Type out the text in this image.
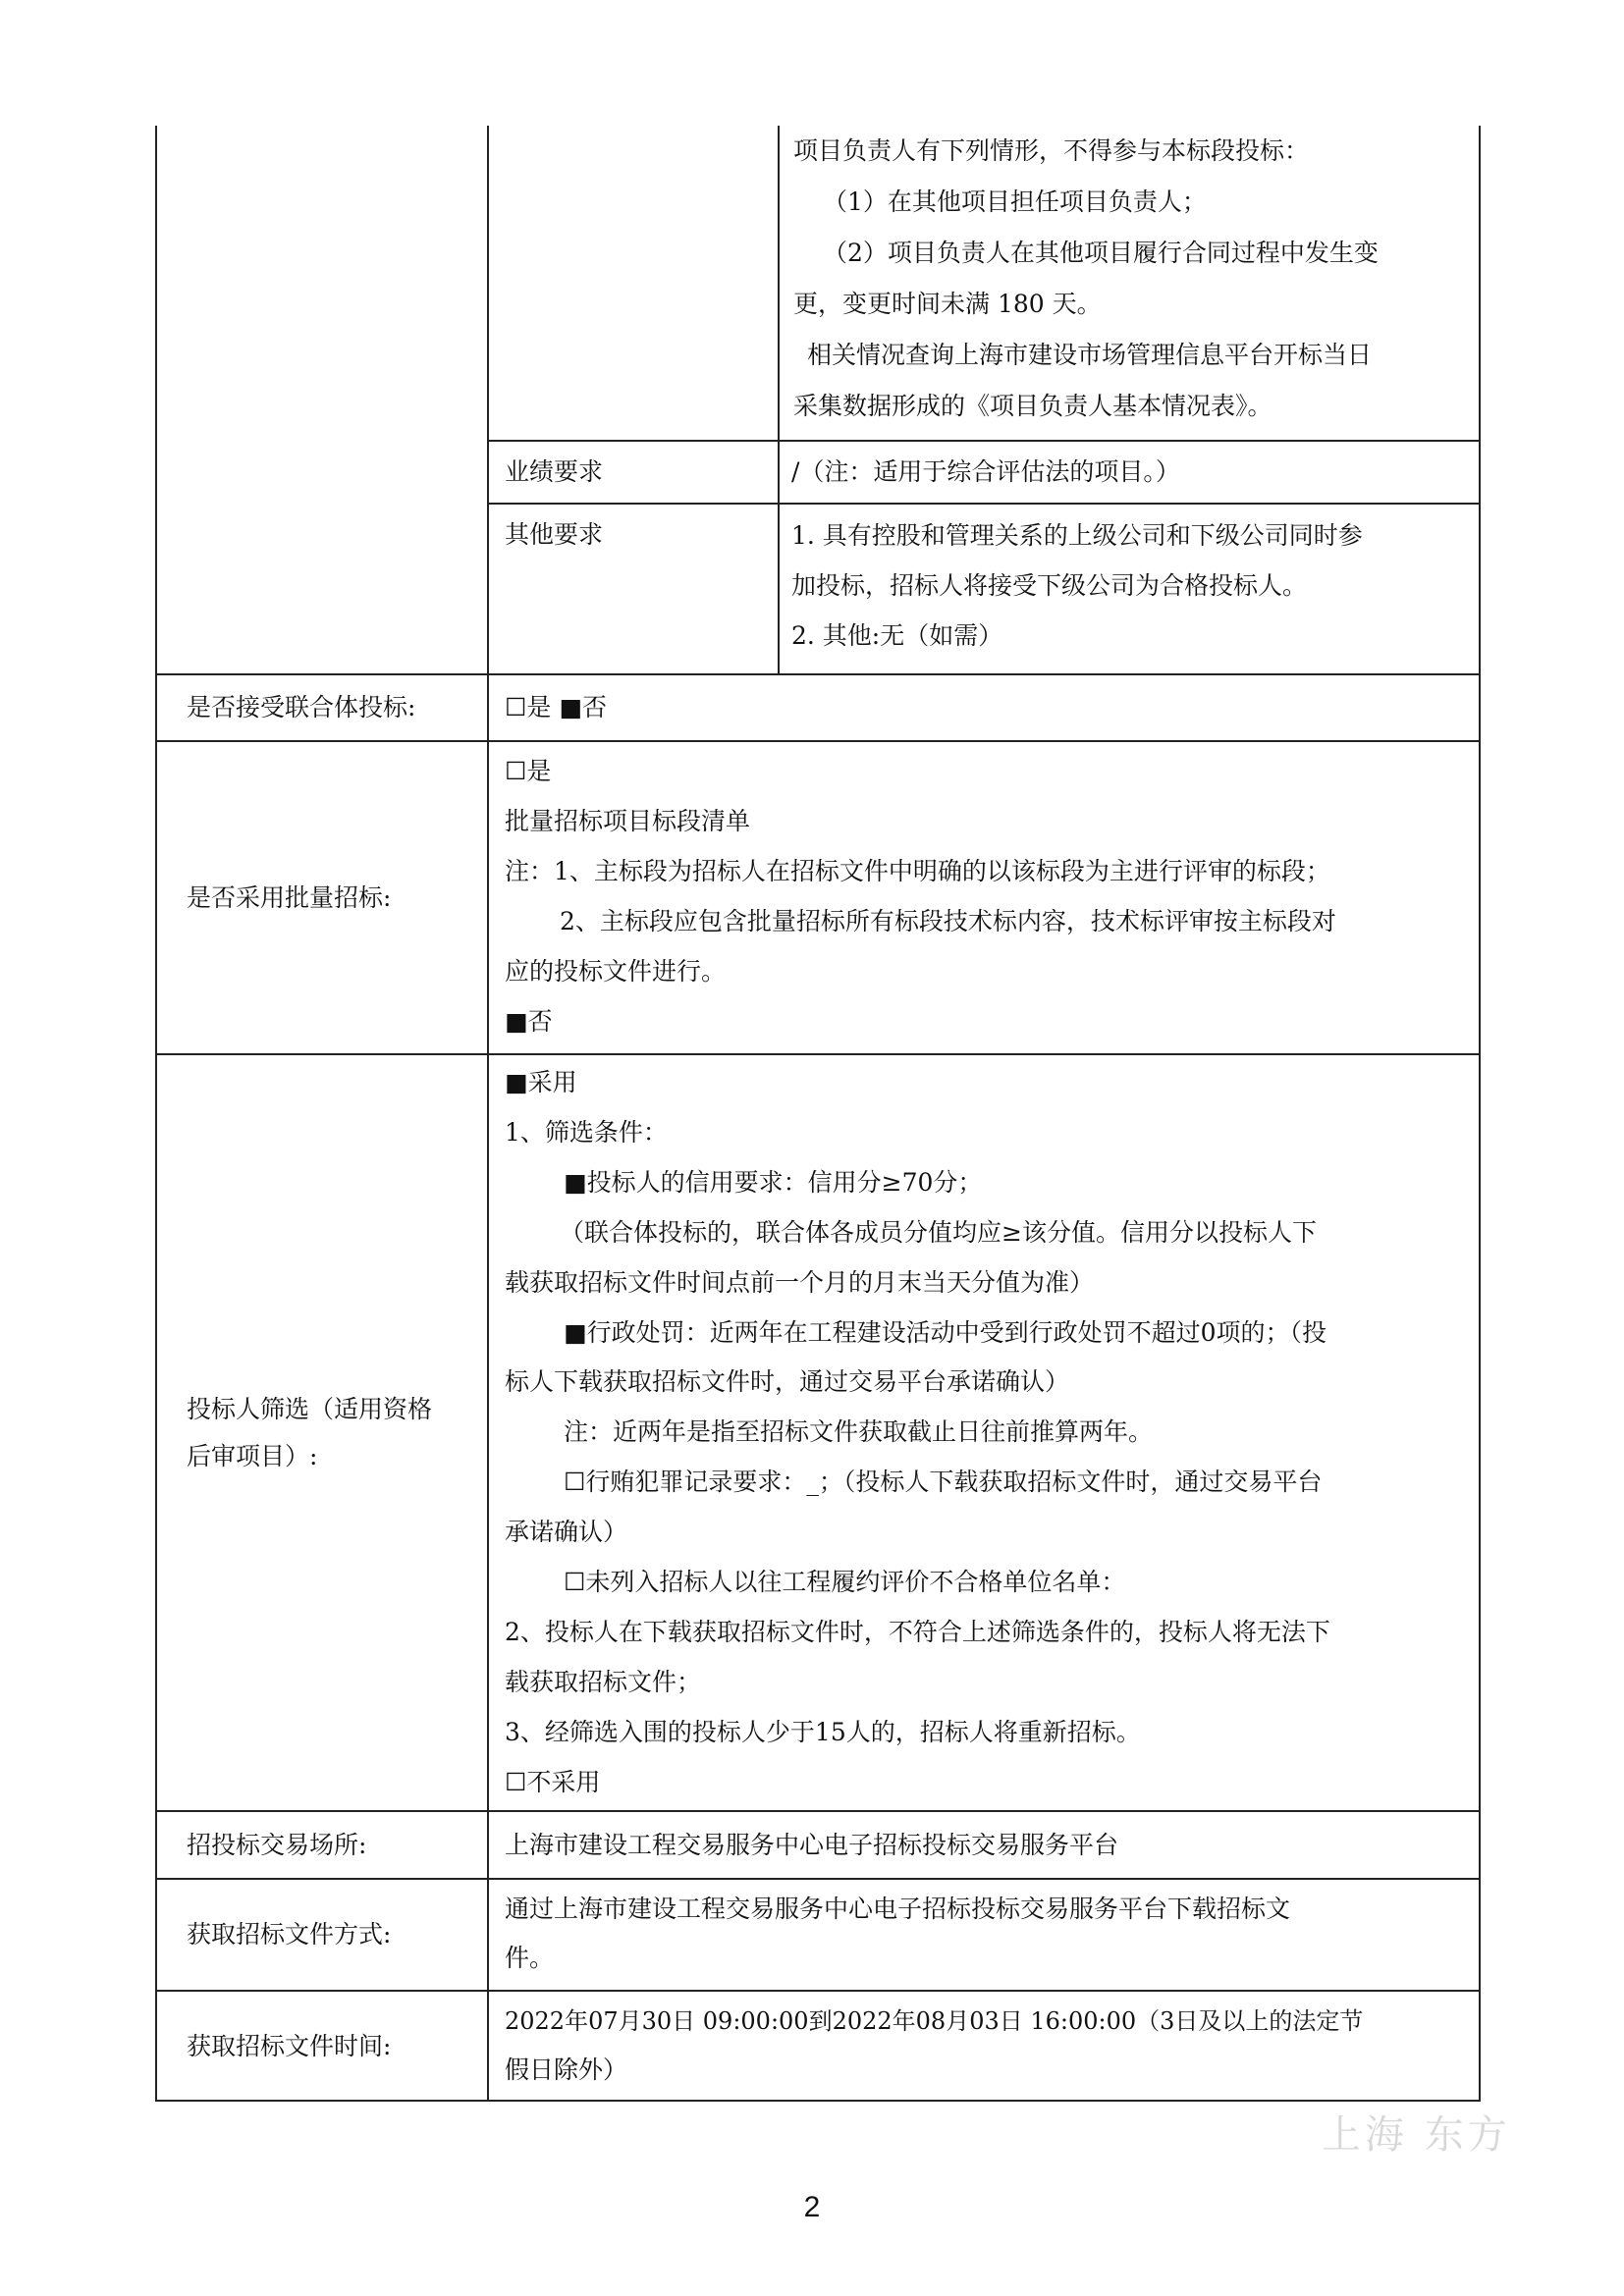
项目负责人有下列情形，不得参与本标段投标：
（1）在其他项目担任项目负责人；
（2）项目负责人在其他项目履行合同过程中发生变
更，变更时间未满 180 天。
相关情况查询上海市建设市场管理信息平台开标当日
采集数据形成的《项目负责人基本情况表》。
业绩要求	/（注：适用于综合评估法的项目。）
其他要求	1. 具有控股和管理关系的上级公司和下级公司同时参
加投标，招标人将接受下级公司为合格投标人。
2. 其他:无（如需）
是否接受联合体投标:	☐是 ■否
是否采用批量招标:
☐是
批量招标项目标段清单
注：1、主标段为招标人在招标文件中明确的以该标段为主进行评审的标段；
2、主标段应包含批量招标所有标段技术标内容，技术标评审按主标段对
应的投标文件进行。
■否
投标人筛选（适用资格
后审项目）:
■采用
1、筛选条件：
■投标人的信用要求：信用分≥70分；
（联合体投标的，联合体各成员分值均应≥该分值。信用分以投标人下
载获取招标文件时间点前一个月的月末当天分值为准）
■行政处罚：近两年在工程建设活动中受到行政处罚不超过0项的；（投
标人下载获取招标文件时，通过交易平台承诺确认）
注：近两年是指至招标文件获取截止日往前推算两年。
☐行贿犯罪记录要求：_；（投标人下载获取招标文件时，通过交易平台
承诺确认）
☐未列入招标人以往工程履约评价不合格单位名单：
2、投标人在下载获取招标文件时，不符合上述筛选条件的，投标人将无法下
载获取招标文件；
3、经筛选入围的投标人少于15人的，招标人将重新招标。
☐不采用
招投标交易场所:	上海市建设工程交易服务中心电子招标投标交易服务平台
获取招标文件方式:
通过上海市建设工程交易服务中心电子招标投标交易服务平台下载招标文
件。
获取招标文件时间:
2022年07月30日 09:00:00到2022年08月03日 16:00:00（3日及以上的法定节
假日除外）
上海 东方
2
